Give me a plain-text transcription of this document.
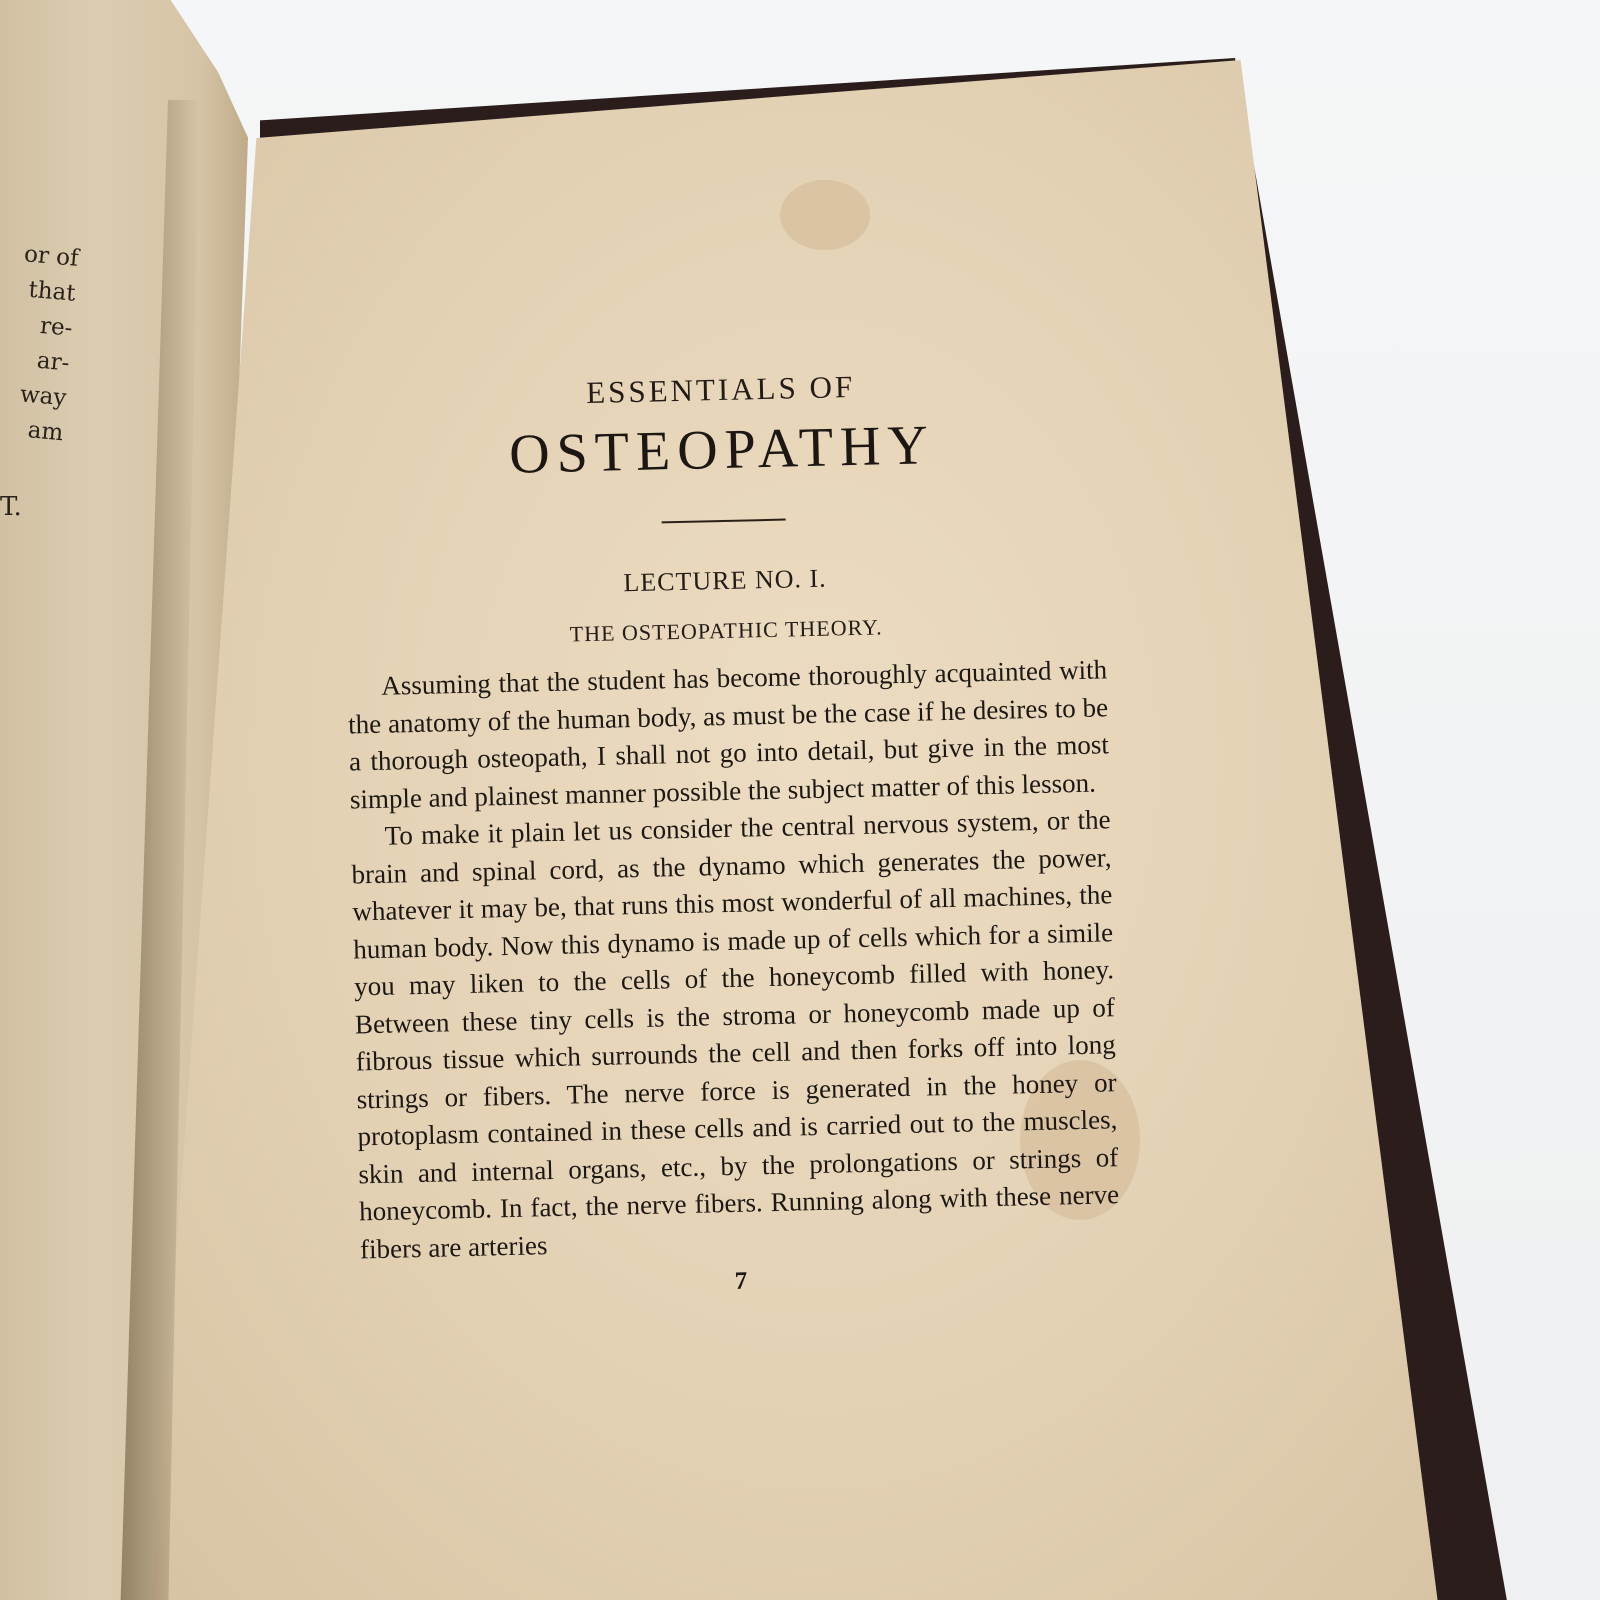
or of
that
re-
ar-
way
am
T.
ESSENTIALS OF
OSTEOPATHY
LECTURE NO. I.
THE OSTEOPATHIC THEORY.

Assuming that the student has become thoroughly acquainted with the anatomy of the human body, as must be the case if he desires to be a thorough osteopath, I shall not go into detail, but give in the most simple and plainest manner possible the subject matter of this lesson.

To make it plain let us consider the central nervous system, or the brain and spinal cord, as the dynamo which generates the power, whatever it may be, that runs this most wonderful of all machines, the human body. Now this dynamo is made up of cells which for a simile you may liken to the cells of the honeycomb filled with honey. Between these tiny cells is the stroma or honeycomb made up of fibrous tissue which surrounds the cell and then forks off into long strings or fibers. The nerve force is generated in the honey or protoplasm contained in these cells and is carried out to the muscles, skin and internal organs, etc., by the prolongations or strings of honeycomb. In fact, the nerve fibers. Running along with these nerve fibers are arteries

7
